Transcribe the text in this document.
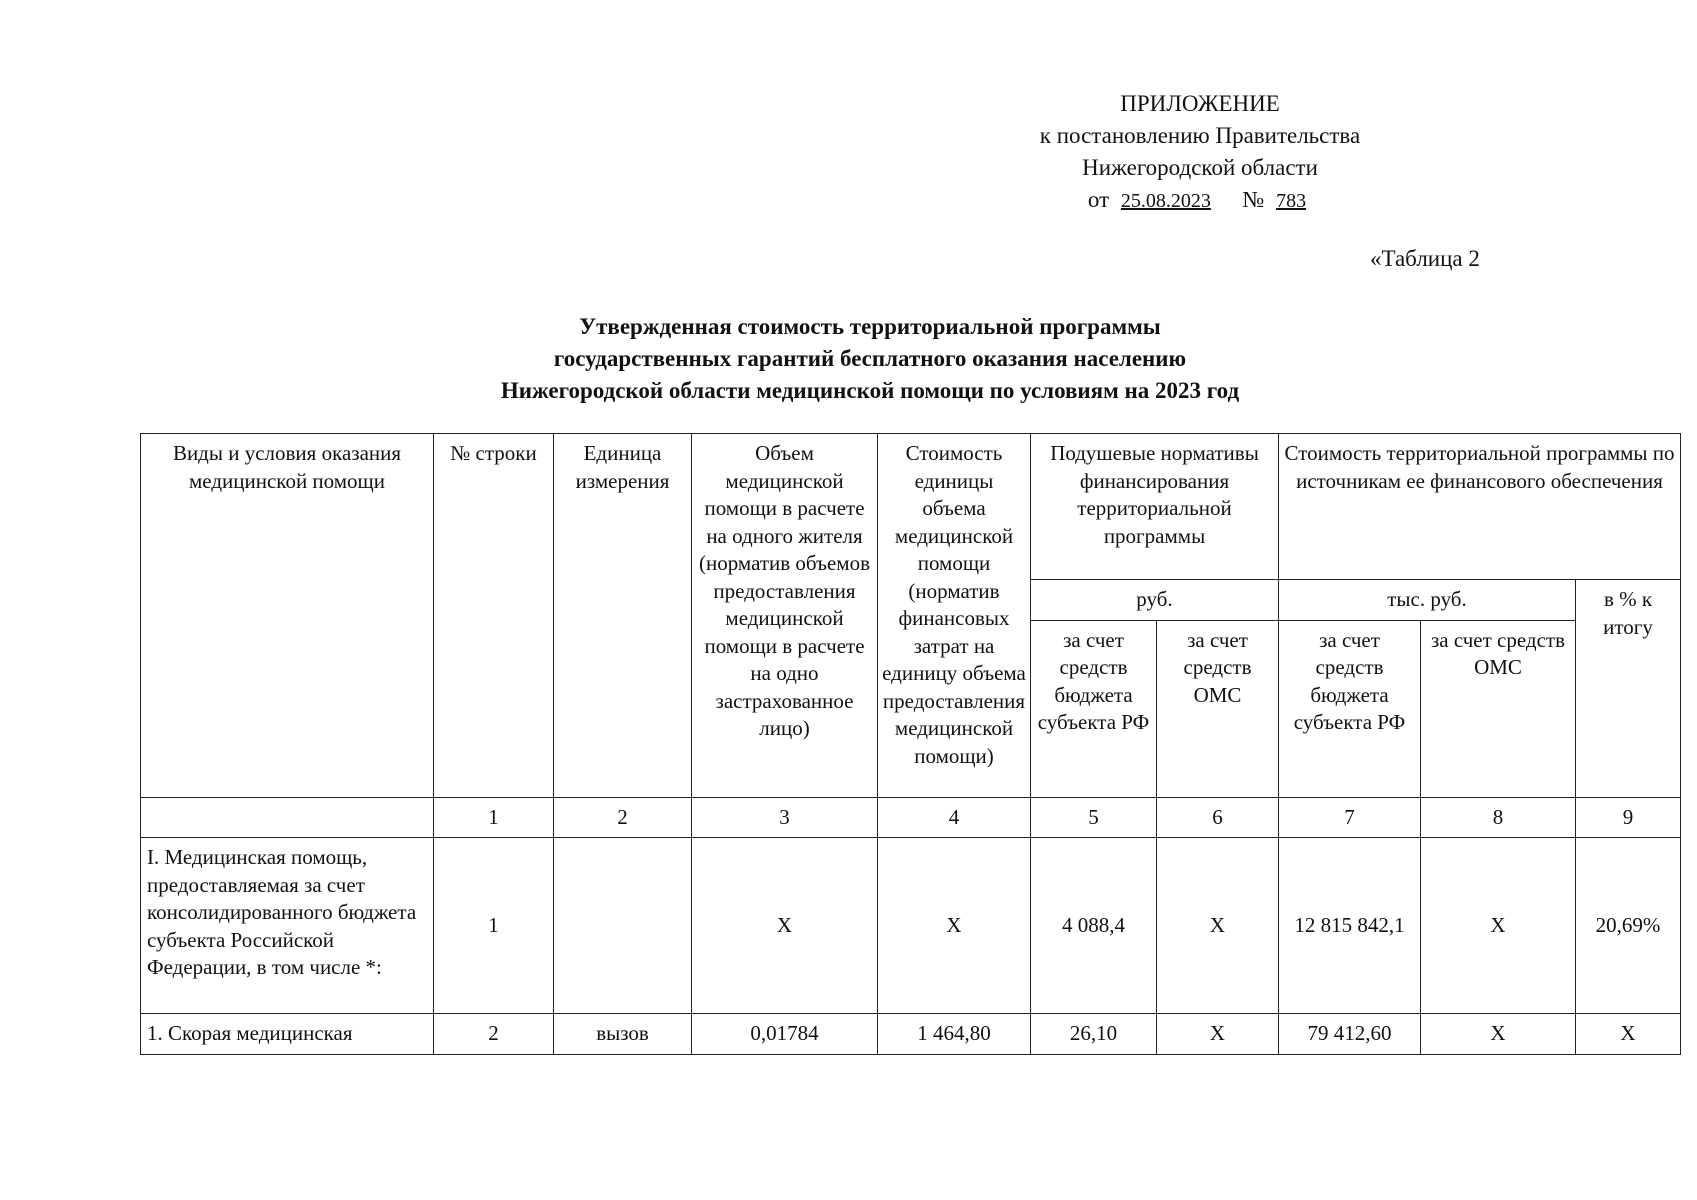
ПРИЛОЖЕНИЕ
к постановлению Правительства
Нижегородской области
от 25.08.2023 № 783
«Таблица 2
Утвержденная стоимость территориальной программы
государственных гарантий бесплатного оказания населению
Нижегородской области медицинской помощи по условиям на 2023 год
Виды и условия оказания медицинской помощи	№ строки	Единица измерения	Объем медицинской помощи в расчете на одного жителя (норматив объемов предоставления медицинской помощи в расчете на одно застрахованное лицо)	Стоимость единицы объема медицинской помощи (норматив финансовых затрат на единицу объема предоставления медицинской помощи)	Подушевые нормативы финансирования территориальной программы		Стоимость территориальной программы по источникам ее финансового обеспечения		
					руб.		тыс. руб.		в % к итогу
					за счет средств бюджета субъекта РФ	за счет средств ОМС	за счет средств бюджета субъекта РФ	за счет средств ОМС	
	1	2	3	4	5	6	7	8	9
I. Медицинская помощь, предоставляемая за счет консолидированного бюджета субъекта Российской Федерации, в том числе *:	1		X	X	4 088,4	X	12 815 842,1	X	20,69%
1. Скорая медицинская	2	вызов	0,01784	1 464,80	26,10	X	79 412,60	X	X
